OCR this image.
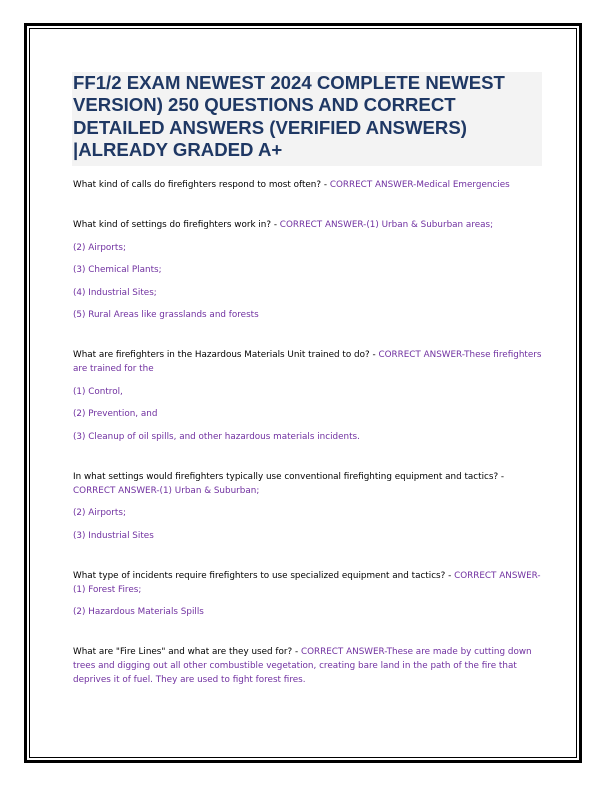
FF1/2 EXAM NEWEST 2024 COMPLETE NEWEST VERSION) 250 QUESTIONS AND CORRECT DETAILED ANSWERS (VERIFIED ANSWERS) |ALREADY GRADED A+

What kind of calls do firefighters respond to most often? - CORRECT ANSWER-Medical Emergencies

What kind of settings do firefighters work in? - CORRECT ANSWER-(1) Urban & Suburban areas;

(2) Airports;

(3) Chemical Plants;

(4) Industrial Sites;

(5) Rural Areas like grasslands and forests

What are firefighters in the Hazardous Materials Unit trained to do? - CORRECT ANSWER-These firefighters are trained for the

(1) Control,

(2) Prevention, and

(3) Cleanup of oil spills, and other hazardous materials incidents.

In what settings would firefighters typically use conventional firefighting equipment and tactics? - CORRECT ANSWER-(1) Urban & Suburban;

(2) Airports;

(3) Industrial Sites

What type of incidents require firefighters to use specialized equipment and tactics? - CORRECT ANSWER-(1) Forest Fires;

(2) Hazardous Materials Spills

What are "Fire Lines" and what are they used for? - CORRECT ANSWER-These are made by cutting down trees and digging out all other combustible vegetation, creating bare land in the path of the fire that deprives it of fuel. They are used to fight forest fires.
